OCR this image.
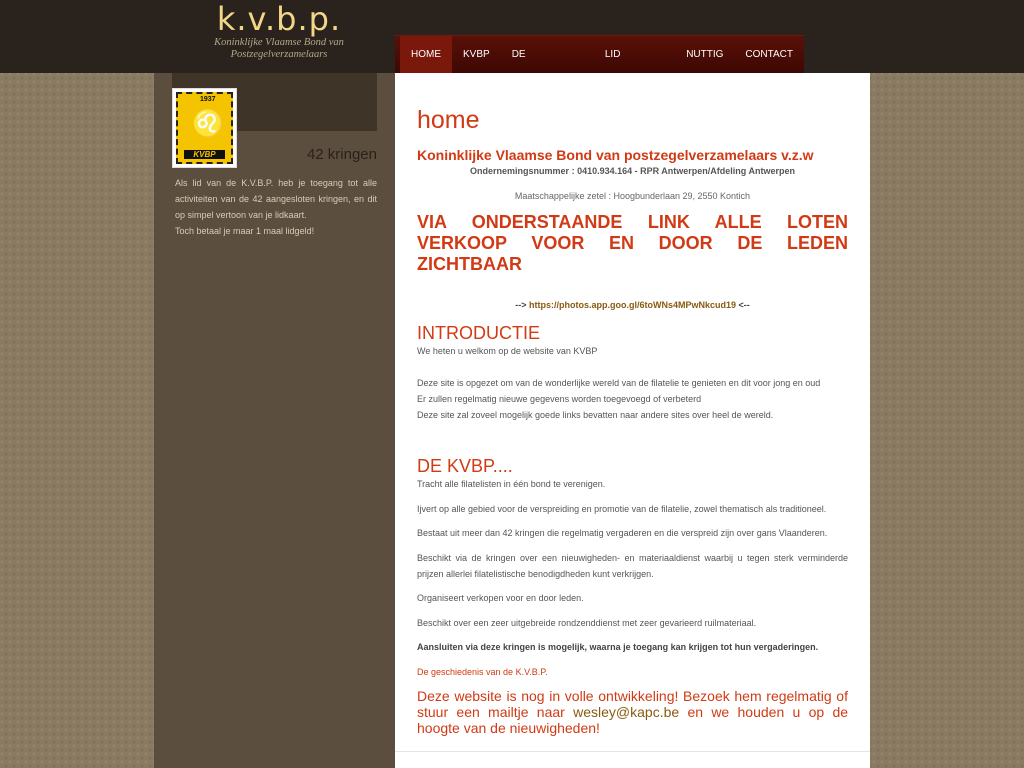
k.v.b.p.
Koninklijke Vlaamse Bond van Postzegelverzamelaars	HOME	KVBP	DE	LID	NUTTIG	CONTACT
1937
♌
KVBP	42 kringen
Als lid van de K.V.B.P. heb je toegang tot alle activiteiten van de 42 aangesloten kringen, en dit op simpel vertoon van je lidkaart.
Toch betaal je maar 1 maal lidgeld!
home
Koninklijke Vlaamse Bond van postzegelverzamelaars v.z.w
Ondernemingsnummer : 0410.934.164 - RPR Antwerpen/Afdeling Antwerpen
Maatschappelijke zetel : Hoogbunderlaan 29, 2550 Kontich
VIA ONDERSTAANDE LINK ALLE LOTEN VERKOOP VOOR EN DOOR DE LEDEN ZICHTBAAR
--> https://photos.app.goo.gl/6toWNs4MPwNkcud19 <--
INTRODUCTIE
We heten u welkom op de website van KVBP
Deze site is opgezet om van de wonderlijke wereld van de filatelie te genieten en dit voor jong en oud
Er zullen regelmatig nieuwe gegevens worden toegevoegd of verbeterd
Deze site zal zoveel mogelijk goede links bevatten naar andere sites over heel de wereld.
DE KVBP....
Tracht alle filatelisten in één bond te verenigen.
Ijvert op alle gebied voor de verspreiding en promotie van de filatelie, zowel thematisch als traditioneel.
Bestaat uit meer dan 42 kringen die regelmatig vergaderen en die verspreid zijn over gans Vlaanderen.
Beschikt via de kringen over een nieuwigheden- en materiaaldienst waarbij u tegen sterk verminderde prijzen allerlei filatelistische benodigdheden kunt verkrijgen.
Organiseert verkopen voor en door leden.
Beschikt over een zeer uitgebreide rondzenddienst met zeer gevarieerd ruilmateriaal.
Aansluiten via deze kringen is mogelijk, waarna je toegang kan krijgen tot hun vergaderingen.
De geschiedenis van de K.V.B.P.
Deze website is nog in volle ontwikkeling! Bezoek hem regelmatig of stuur een mailtje naar wesley@kapc.be en we houden u op de hoogte van de nieuwigheden!
